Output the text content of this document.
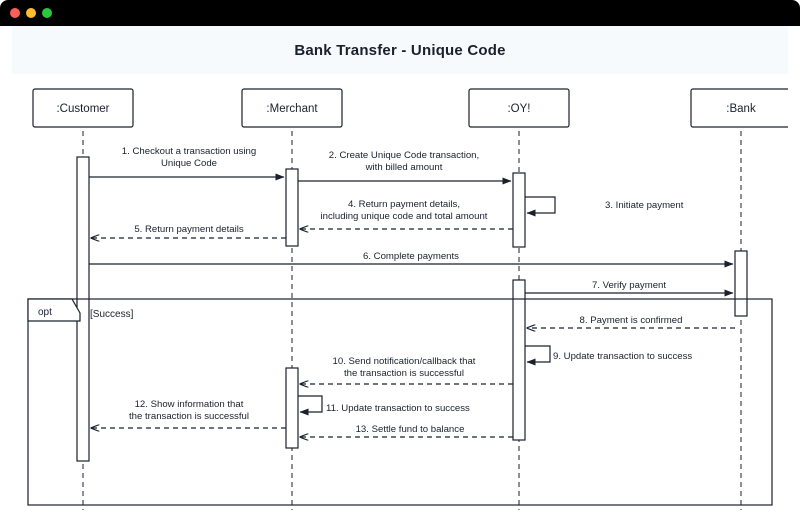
Bank Transfer - Unique Code
:Customer	:Merchant	:OY!	:Bank
opt	[Success]
1. Checkout a transaction using
Unique Code
2. Create Unique Code transaction,
with billed amount
3. Initiate payment
4. Return payment details,
including unique code and total amount
5. Return payment details
6. Complete payments
7. Verify payment
8. Payment is confirmed
9. Update transaction to success
10. Send notification/callback that
the transaction is successful
11. Update transaction to success
12. Show information that
the transaction is successful
13. Settle fund to balance
